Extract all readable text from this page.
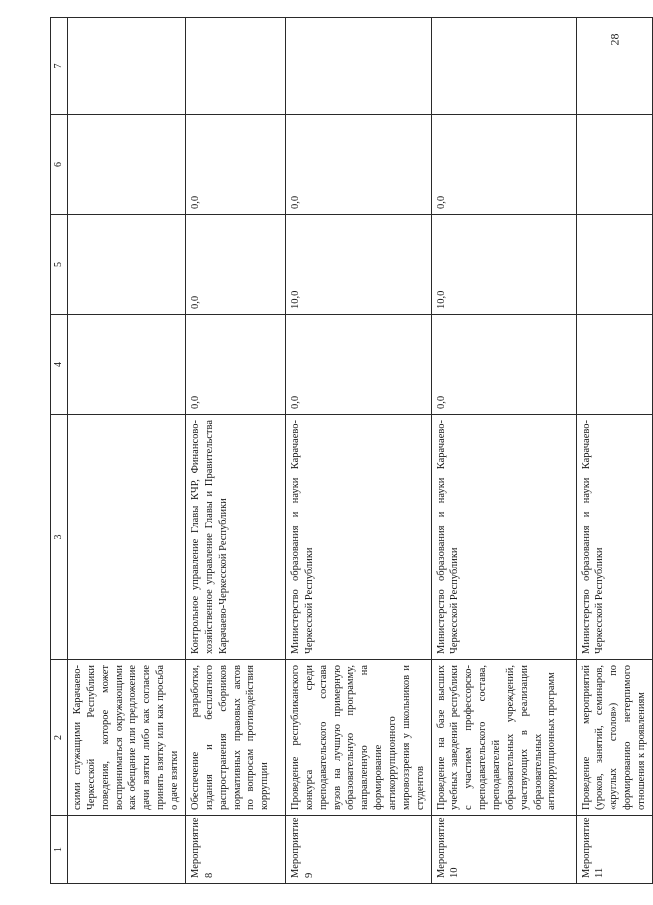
28
1	2	3	4	5	6	7
	скими служащими Карачаево-Черкесской Республики поведения, которое может восприниматься окружающими как обещание или предложение дачи взятки либо как согласие принять взятку или как просьба о даче взятки					
Мероприятие 8	Обеспечение разработки, издания и бесплатного распространения сборников нормативных правовых актов по вопросам противодействия коррупции	Контрольное управление Главы КЧР, Финансово-хозяйственное управление Главы и Правительства Карачаево-Черкесской Республики	0,0	0,0	0,0	
Мероприятие 9	Проведение республиканского конкурса среди преподавательского состава вузов на лучшую примерную образовательную программу, направленную на формирование антикоррупционного мировоззрения у школьников и студентов	Министерство образования и науки Карачаево-Черкесской Республики	0,0	10,0	0,0	
Мероприятие 10	Проведение на базе высших учебных заведений республики с участием профессорско-преподавательского состава, преподавателей образовательных учреждений, участвующих в реализации образовательных антикоррупционных программ	Министерство образования и науки Карачаево-Черкесской Республики	0,0	10,0	0,0	
Мероприятие 11	Проведение мероприятий (уроков, занятий, семинаров, «круглых столов») по формированию нетерпимого отношения к проявлениям	Министерство образования и науки Карачаево-Черкесской Республики				
